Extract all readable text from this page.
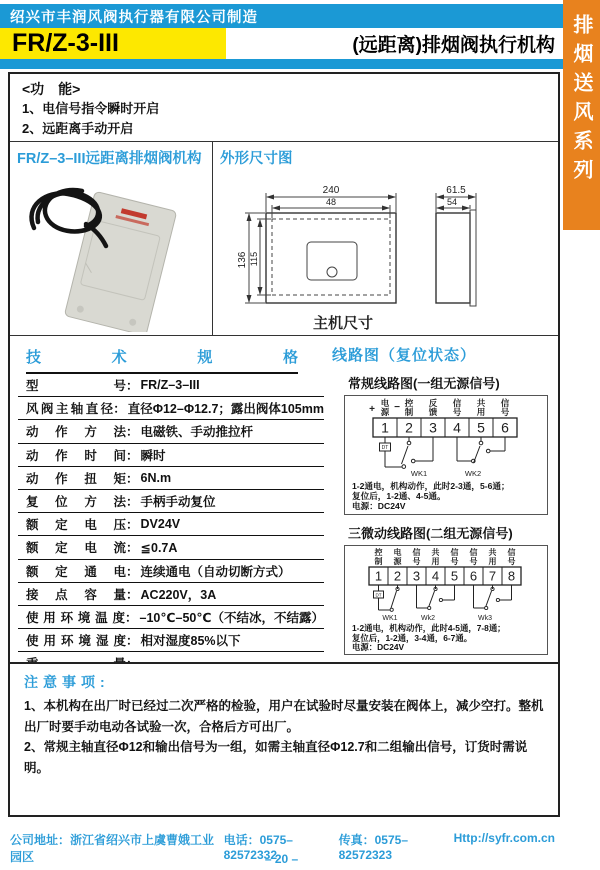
绍兴市丰润风阀执行器有限公司制造
FR/Z-3-III	(远距离)排烟阀执行机构 排烟送风系列
<功　能>
1、电信号指令瞬时开启
2、远距离手动开启
FR/Z–3–III远距离排烟阀机构	外形尺寸图
240
48
136 115
61.5
54
主机尺寸
技术规格
型号 ： FR/Z–3–III
风阀主轴直径 ： 直径Φ12–Φ12.7；露出阀体105mm
动作方法 ： 电磁铁、手动推拉杆
动作时间 ： 瞬时
动作扭矩 ： 6N.m
复位方法 ： 手柄手动复位
额定电压 ： DV24V
额定电流 ： ≦0.7A
额定通电 ： 连续通电（自动切断方式）
接点容量 ： AC220V，3A
使用环境温度 ： –10℃–50℃（不结冰，不结露）
使用环境湿度 ： 相对湿度85%以下
线路图（复位状态）
常规线路图(一组无源信号)
电 控 反 信 共 信
源 制 馈 号 用 号
+ −
1 2 3 4 5 6
DT
WK1	WK2
1-2通电，机构动作，此时2-3通，5-6通；
复位后，1-2通、4-5通。
电源：DC24V
三微动线路图(二组无源信号)
控 电 信 共 信 信 共 信
制 源 号 用 号 号 用 号
1 2 3 4 5 6 7 8
DT
WK1	Wk2	Wk3
1-2通电，机构动作，此时4-5通，7-8通；
复位后，1-2通，3-4通，6-7通。
电源：DC24V
注意事项:
1、本机构在出厂时已经过二次严格的检验，用户在试验时尽量安装在阀体上，减少空打。整机出厂时要手动电动各试验一次，合格后方可出厂。
2、常规主轴直径Φ12和输出信号为一组，如需主轴直径Φ12.7和二组输出信号，订货时需说明。
公司地址：浙江省绍兴市上虞曹娥工业园区
电话：0575–82572332
传真：0575–82572323
Http://syfr.com.cn
– 20 –
